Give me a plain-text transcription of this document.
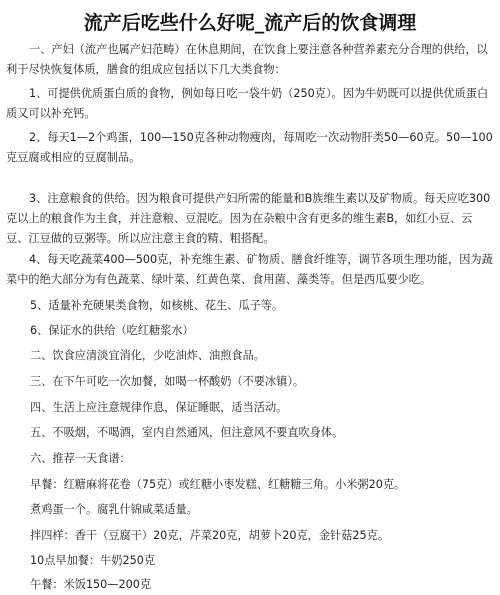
流产后吃些什么好呢_流产后的饮食调理

一、产妇（流产也属产妇范畴）在休息期间，在饮食上要注意各种营养素充分合理的供给，以利于尽快恢复体质，膳食的组成应包括以下几大类食物：

1、可提供优质蛋白质的食物，例如每日吃一袋牛奶（250克）。因为牛奶既可以提供优质蛋白质又可以补充钙。

2、每天1—2个鸡蛋，100—150克各种动物瘦肉，每周吃一次动物肝类50—60克。50—100克豆腐或相应的豆腐制品。

3、注意粮食的供给。因为粮食可提供产妇所需的能量和B族维生素以及矿物质。每天应吃300克以上的粮食作为主食，并注意粮、豆混吃。因为在杂粮中含有更多的维生素B，如红小豆、云豆、江豆做的豆粥等。所以应注意主食的精、粗搭配。

4、每天吃蔬菜400—500克，补充维生素、矿物质、膳食纤维等，调节各项生理功能，因为蔬菜中的绝大部分为有色蔬菜、绿叶菜、红黄色菜、食用菌、藻类等。但是西瓜要少吃。

5、适量补充硬果类食物，如核桃、花生、瓜子等。

6、保证水的供给（吃红糖浆水）

二、饮食应清淡宜消化，少吃油炸、油煎食品。

三、在下午可吃一次加餐，如喝一杯酸奶（不要冰镇）。

四、生活上应注意规律作息，保证睡眠，适当活动。

五、不吸烟，不喝酒，室内自然通风，但注意风不要直吹身体。

六、推荐一天食谱：

早餐：红糖麻将花卷（75克）或红糖小枣发糕、红糖糖三角。小米粥20克。

煮鸡蛋一个。腐乳什锦咸菜适量。

拌四样：香干（豆腐干）20克，芹菜20克，胡萝卜20克，金针菇25克。

10点早加餐：牛奶250克

午餐：米饭150—200克
